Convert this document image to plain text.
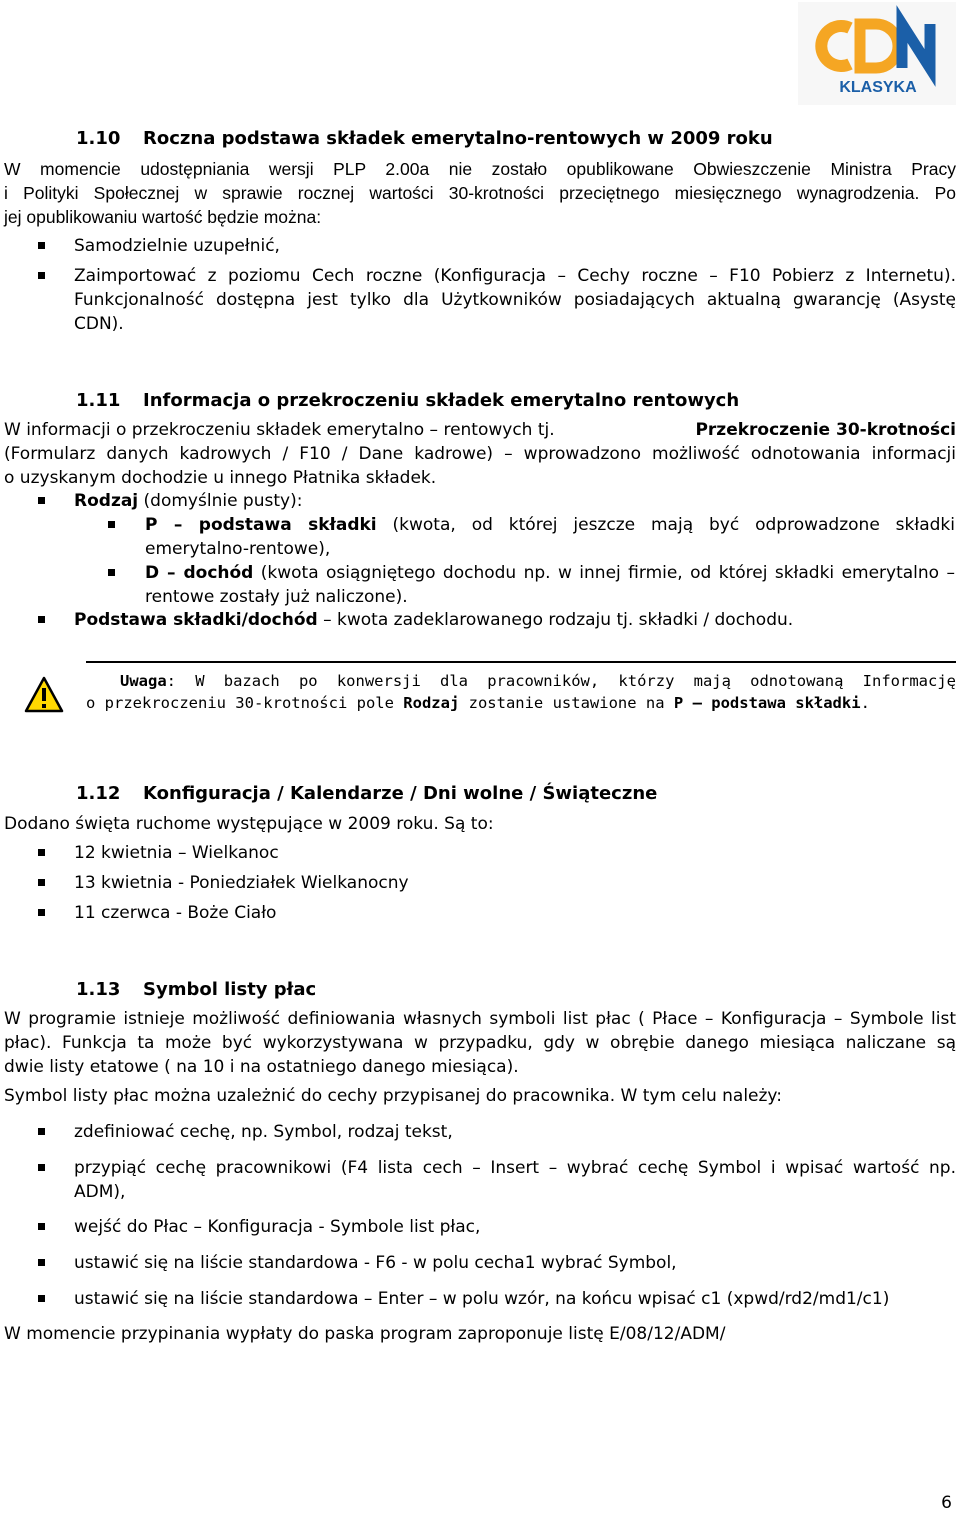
KLASYKA
1.10 Roczna podstawa składek emerytalno-rentowych w 2009 roku
W momencie udostępniania wersji PLP 2.00a nie zostało opublikowane Obwieszczenie Ministra Pracy
i Polityki Społecznej w sprawie rocznej wartości 30-krotności przeciętnego miesięcznego wynagrodzenia. Po
jej opublikowaniu wartość będzie można:
Samodzielnie uzupełnić,
Zaimportować z poziomu Cech roczne (Konfiguracja – Cechy roczne – F10 Pobierz z Internetu).
Funkcjonalność dostępna jest tylko dla Użytkowników posiadających aktualną gwarancję (Asystę
CDN).
1.11 Informacja o przekroczeniu składek emerytalno rentowych
W informacji o przekroczeniu składek emerytalno – rentowych tj.	Przekroczenie 30-krotności
(Formularz danych kadrowych / F10 / Dane kadrowe) – wprowadzono możliwość odnotowania informacji
o uzyskanym dochodzie u innego Płatnika składek.
Rodzaj (domyślnie pusty):
P – podstawa składki (kwota, od której jeszcze mają być odprowadzone składki
emerytalno-rentowe),
D – dochód (kwota osiągniętego dochodu np. w innej firmie, od której składki emerytalno –
rentowe zostały już naliczone).
Podstawa składki/dochód – kwota zadeklarowanego rodzaju tj. składki / dochodu.
Uwaga: W bazach po konwersji dla pracowników, którzy mają odnotowaną Informację
o przekroczeniu 30-krotności pole Rodzaj zostanie ustawione na P – podstawa składki.
1.12 Konfiguracja / Kalendarze / Dni wolne / Świąteczne
Dodano święta ruchome występujące w 2009 roku. Są to:
12 kwietnia – Wielkanoc
13 kwietnia - Poniedziałek Wielkanocny
11 czerwca - Boże Ciało
1.13 Symbol listy płac
W programie istnieje możliwość definiowania własnych symboli list płac ( Płace – Konfiguracja – Symbole list
płac). Funkcja ta może być wykorzystywana w przypadku, gdy w obrębie danego miesiąca naliczane są
dwie listy etatowe ( na 10 i na ostatniego danego miesiąca).
Symbol listy płac można uzależnić do cechy przypisanej do pracownika. W tym celu należy:
zdefiniować cechę, np. Symbol, rodzaj tekst,
przypiąć cechę pracownikowi (F4 lista cech – Insert – wybrać cechę Symbol i wpisać wartość np.
ADM),
wejść do Płac – Konfiguracja - Symbole list płac,
ustawić się na liście standardowa - F6 - w polu cecha1 wybrać Symbol,
ustawić się na liście standardowa – Enter – w polu wzór, na końcu wpisać c1 (xpwd/rd2/md1/c1)
W momencie przypinania wypłaty do paska program zaproponuje listę E/08/12/ADM/
6
